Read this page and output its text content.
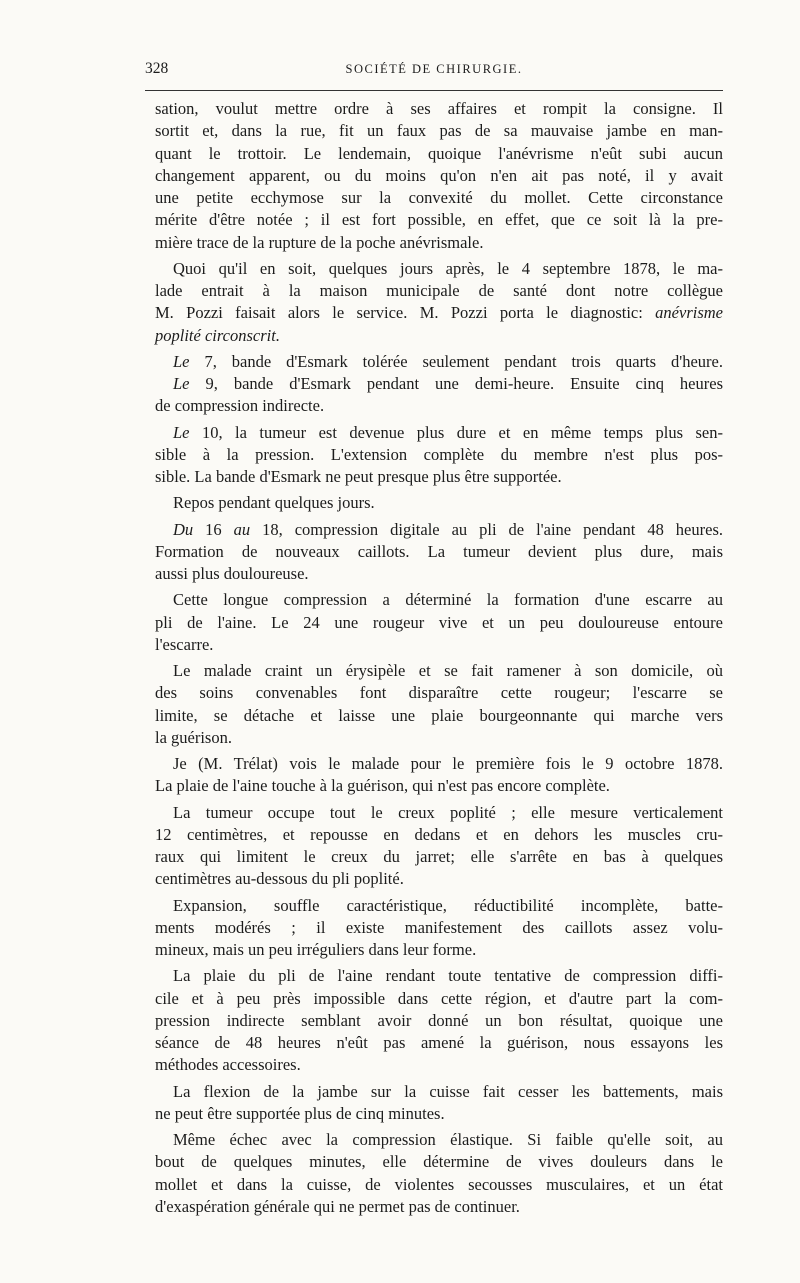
328	SOCIÉTÉ DE CHIRURGIE.
sation, voulut mettre ordre à ses affaires et rompit la consigne. Il
sortit et, dans la rue, fit un faux pas de sa mauvaise jambe en man-
quant le trottoir. Le lendemain, quoique l'anévrisme n'eût subi aucun
changement apparent, ou du moins qu'on n'en ait pas noté, il y avait
une petite ecchymose sur la convexité du mollet. Cette circonstance
mérite d'être notée ; il est fort possible, en effet, que ce soit là la pre-
mière trace de la rupture de la poche anévrismale.
Quoi qu'il en soit, quelques jours après, le 4 septembre 1878, le ma-
lade entrait à la maison municipale de santé dont notre collègue
M. Pozzi faisait alors le service. M. Pozzi porta le diagnostic: anévrisme
poplité circonscrit.
Le 7, bande d'Esmark tolérée seulement pendant trois quarts d'heure.
Le 9, bande d'Esmark pendant une demi-heure. Ensuite cinq heures
de compression indirecte.
Le 10, la tumeur est devenue plus dure et en même temps plus sen-
sible à la pression. L'extension complète du membre n'est plus pos-
sible. La bande d'Esmark ne peut presque plus être supportée.
Repos pendant quelques jours.
Du 16 au 18, compression digitale au pli de l'aine pendant 48 heures.
Formation de nouveaux caillots. La tumeur devient plus dure, mais
aussi plus douloureuse.
Cette longue compression a déterminé la formation d'une escarre au
pli de l'aine. Le 24 une rougeur vive et un peu douloureuse entoure
l'escarre.
Le malade craint un érysipèle et se fait ramener à son domicile, où
des soins convenables font disparaître cette rougeur; l'escarre se
limite, se détache et laisse une plaie bourgeonnante qui marche vers
la guérison.
Je (M. Trélat) vois le malade pour le première fois le 9 octobre 1878.
La plaie de l'aine touche à la guérison, qui n'est pas encore complète.
La tumeur occupe tout le creux poplité ; elle mesure verticalement
12 centimètres, et repousse en dedans et en dehors les muscles cru-
raux qui limitent le creux du jarret; elle s'arrête en bas à quelques
centimètres au-dessous du pli poplité.
Expansion, souffle caractéristique, réductibilité incomplète, batte-
ments modérés ; il existe manifestement des caillots assez volu-
mineux, mais un peu irréguliers dans leur forme.
La plaie du pli de l'aine rendant toute tentative de compression diffi-
cile et à peu près impossible dans cette région, et d'autre part la com-
pression indirecte semblant avoir donné un bon résultat, quoique une
séance de 48 heures n'eût pas amené la guérison, nous essayons les
méthodes accessoires.
La flexion de la jambe sur la cuisse fait cesser les battements, mais
ne peut être supportée plus de cinq minutes.
Même échec avec la compression élastique. Si faible qu'elle soit, au
bout de quelques minutes, elle détermine de vives douleurs dans le
mollet et dans la cuisse, de violentes secousses musculaires, et un état
d'exaspération générale qui ne permet pas de continuer.
